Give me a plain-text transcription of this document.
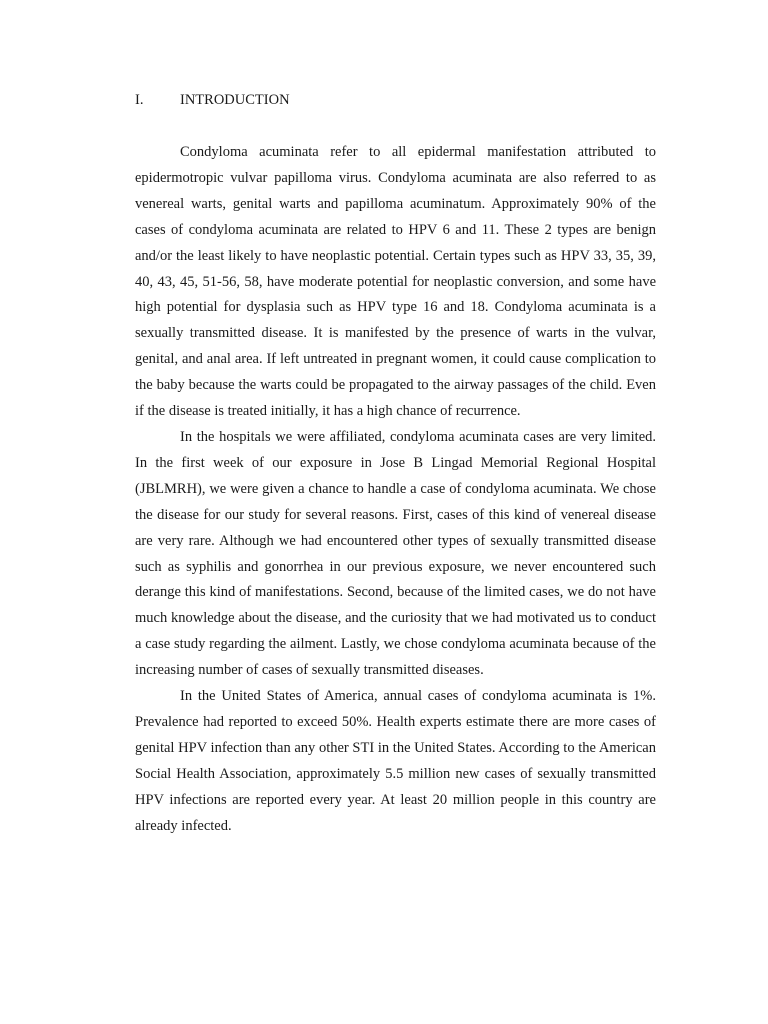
I.	INTRODUCTION

Condyloma acuminata refer to all epidermal manifestation attributed to epidermotropic vulvar papilloma virus. Condyloma acuminata are also referred to as venereal warts, genital warts and papilloma acuminatum. Approximately 90% of the cases of condyloma acuminata are related to HPV 6 and 11. These 2 types are benign and/or the least likely to have neoplastic potential. Certain types such as HPV 33, 35, 39, 40, 43, 45, 51-56, 58, have moderate potential for neoplastic conversion, and some have high potential for dysplasia such as HPV type 16 and 18. Condyloma acuminata is a sexually transmitted disease. It is manifested by the presence of warts in the vulvar, genital, and anal area. If left untreated in pregnant women, it could cause complication to the baby because the warts could be propagated to the airway passages of the child. Even if the disease is treated initially, it has a high chance of recurrence.

In the hospitals we were affiliated, condyloma acuminata cases are very limited. In the first week of our exposure in Jose B Lingad Memorial Regional Hospital (JBLMRH), we were given a chance to handle a case of condyloma acuminata. We chose the disease for our study for several reasons. First, cases of this kind of venereal disease are very rare. Although we had encountered other types of sexually transmitted disease such as syphilis and gonorrhea in our previous exposure, we never encountered such derange this kind of manifestations. Second, because of the limited cases, we do not have much knowledge about the disease, and the curiosity that we had motivated us to conduct a case study regarding the ailment. Lastly, we chose condyloma acuminata because of the increasing number of cases of sexually transmitted diseases.

In the United States of America, annual cases of condyloma acuminata is 1%. Prevalence had reported to exceed 50%. Health experts estimate there are more cases of genital HPV infection than any other STI in the United States. According to the American Social Health Association, approximately 5.5 million new cases of sexually transmitted HPV infections are reported every year. At least 20 million people in this country are already infected.
